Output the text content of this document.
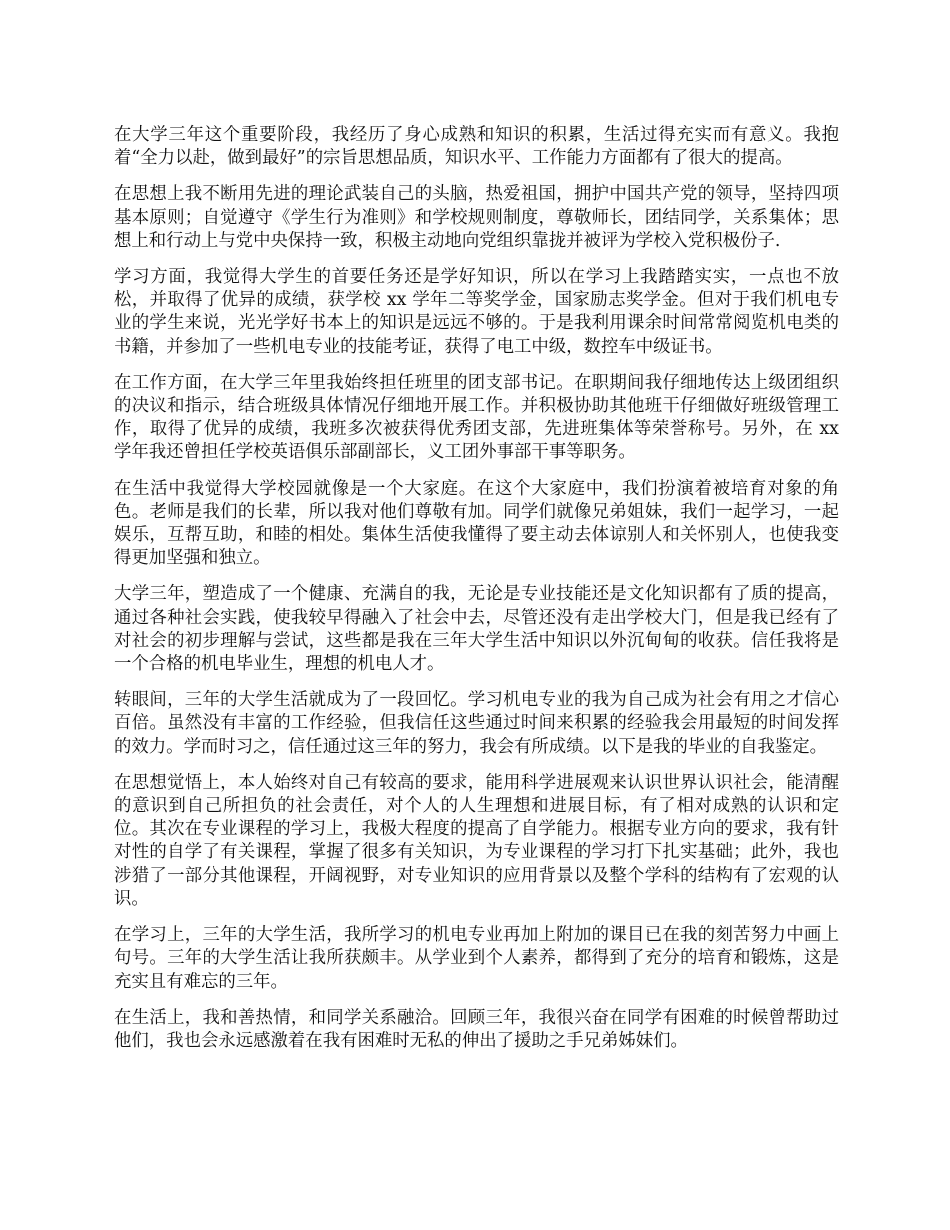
在大学三年这个重要阶段，我经历了身心成熟和知识的积累，生活过得充实而有意义。我抱着“全力以赴，做到最好”的宗旨思想品质，知识水平、工作能力方面都有了很大的提高。

在思想上我不断用先进的理论武装自己的头脑，热爱祖国，拥护中国共产党的领导，坚持四项基本原则；自觉遵守《学生行为准则》和学校规则制度，尊敬师长，团结同学，关系集体；思想上和行动上与党中央保持一致，积极主动地向党组织靠拢并被评为学校入党积极份子.

学习方面，我觉得大学生的首要任务还是学好知识，所以在学习上我踏踏实实，一点也不放松，并取得了优异的成绩，获学校 xx 学年二等奖学金，国家励志奖学金。但对于我们机电专业的学生来说，光光学好书本上的知识是远远不够的。于是我利用课余时间常常阅览机电类的书籍，并参加了一些机电专业的技能考证，获得了电工中级，数控车中级证书。

在工作方面，在大学三年里我始终担任班里的团支部书记。在职期间我仔细地传达上级团组织的决议和指示，结合班级具体情况仔细地开展工作。并积极协助其他班干仔细做好班级管理工作，取得了优异的成绩，我班多次被获得优秀团支部，先进班集体等荣誉称号。另外，在 xx 学年我还曾担任学校英语俱乐部副部长，义工团外事部干事等职务。

在生活中我觉得大学校园就像是一个大家庭。在这个大家庭中，我们扮演着被培育对象的角色。老师是我们的长辈，所以我对他们尊敬有加。同学们就像兄弟姐妹，我们一起学习，一起娱乐，互帮互助，和睦的相处。集体生活使我懂得了要主动去体谅别人和关怀别人，也使我变得更加坚强和独立。

大学三年，塑造成了一个健康、充满自的我，无论是专业技能还是文化知识都有了质的提高，通过各种社会实践，使我较早得融入了社会中去，尽管还没有走出学校大门，但是我已经有了对社会的初步理解与尝试，这些都是我在三年大学生活中知识以外沉甸甸的收获。信任我将是一个合格的机电毕业生，理想的机电人才。

转眼间，三年的大学生活就成为了一段回忆。学习机电专业的我为自己成为社会有用之才信心百倍。虽然没有丰富的工作经验，但我信任这些通过时间来积累的经验我会用最短的时间发挥的效力。学而时习之，信任通过这三年的努力，我会有所成绩。以下是我的毕业的自我鉴定。

在思想觉悟上，本人始终对自己有较高的要求，能用科学进展观来认识世界认识社会，能清醒的意识到自己所担负的社会责任，对个人的人生理想和进展目标，有了相对成熟的认识和定位。其次在专业课程的学习上，我极大程度的提高了自学能力。根据专业方向的要求，我有针对性的自学了有关课程，掌握了很多有关知识，为专业课程的学习打下扎实基础；此外，我也涉猎了一部分其他课程，开阔视野，对专业知识的应用背景以及整个学科的结构有了宏观的认识。

在学习上，三年的大学生活，我所学习的机电专业再加上附加的课目已在我的刻苦努力中画上句号。三年的大学生活让我所获颇丰。从学业到个人素养，都得到了充分的培育和锻炼，这是充实且有难忘的三年。

在生活上，我和善热情，和同学关系融洽。回顾三年，我很兴奋在同学有困难的时候曾帮助过他们，我也会永远感激着在我有困难时无私的伸出了援助之手兄弟姊妹们。
